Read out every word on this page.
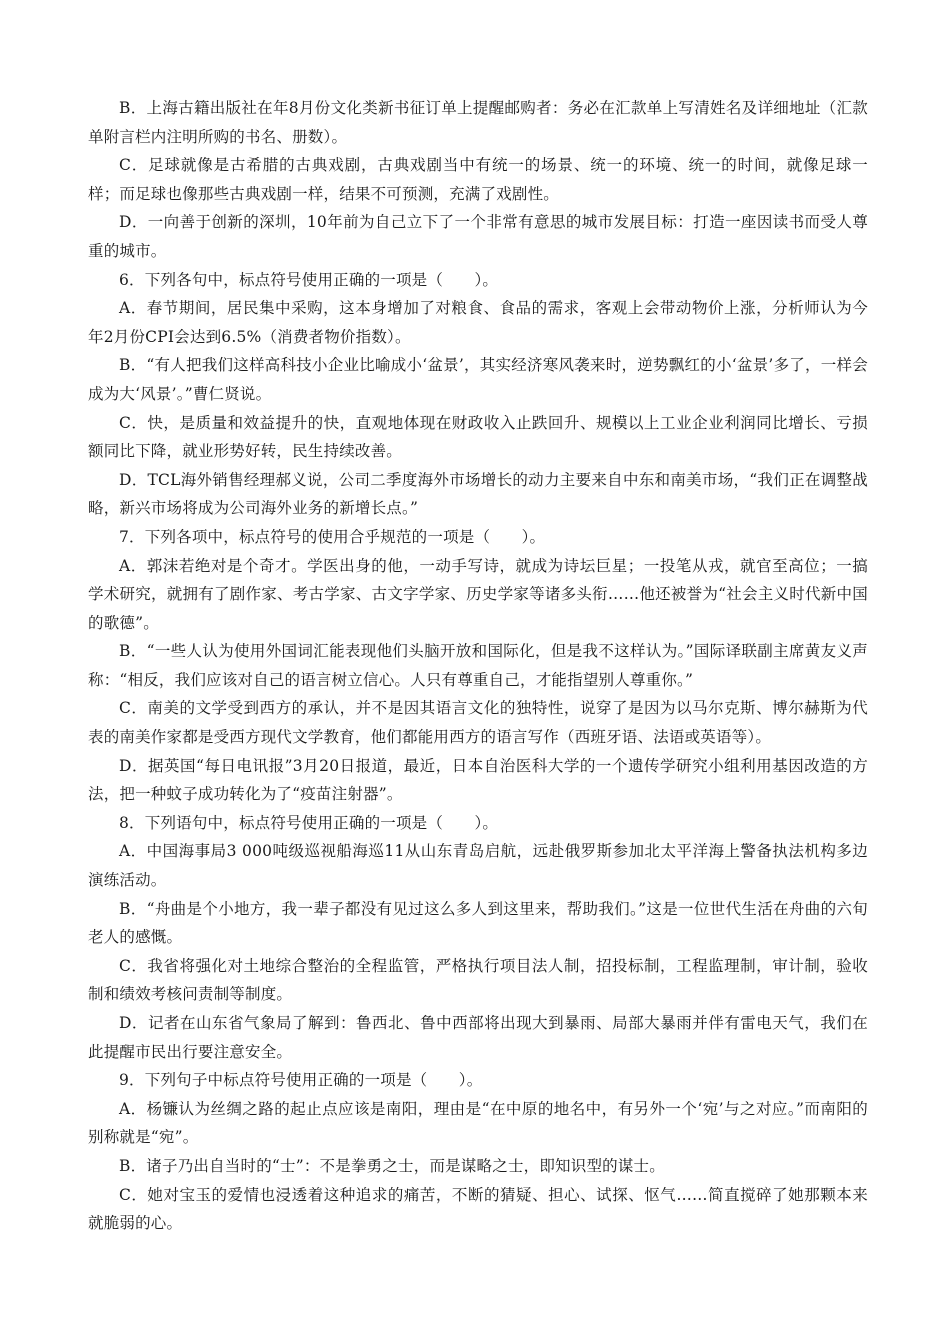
B．上海古籍出版社在年8月份文化类新书征订单上提醒邮购者：务必在汇款单上写清姓名及详细地址（汇款单附言栏内注明所购的书名、册数）。

C．足球就像是古希腊的古典戏剧，古典戏剧当中有统一的场景、统一的环境、统一的时间，就像足球一样；而足球也像那些古典戏剧一样，结果不可预测，充满了戏剧性。

D．一向善于创新的深圳，10年前为自己立下了一个非常有意思的城市发展目标：打造一座因读书而受人尊重的城市。

6．下列各句中，标点符号使用正确的一项是（　　）。

A．春节期间，居民集中采购，这本身增加了对粮食、食品的需求，客观上会带动物价上涨，分析师认为今年2月份CPI会达到6.5%（消费者物价指数）。

B．“有人把我们这样高科技小企业比喻成小‘盆景’，其实经济寒风袭来时，逆势飘红的小‘盆景’多了，一样会成为大‘风景’。”曹仁贤说。

C．快，是质量和效益提升的快，直观地体现在财政收入止跌回升、规模以上工业企业利润同比增长、亏损额同比下降，就业形势好转，民生持续改善。

D．TCL海外销售经理郝义说，公司二季度海外市场增长的动力主要来自中东和南美市场，“我们正在调整战略，新兴市场将成为公司海外业务的新增长点。”

7．下列各项中，标点符号的使用合乎规范的一项是（　　）。

A．郭沫若绝对是个奇才。学医出身的他，一动手写诗，就成为诗坛巨星；一投笔从戎，就官至高位；一搞学术研究，就拥有了剧作家、考古学家、古文字学家、历史学家等诸多头衔……他还被誉为“社会主义时代新中国的歌德”。

B．“一些人认为使用外国词汇能表现他们头脑开放和国际化，但是我不这样认为。”国际译联副主席黄友义声称：“相反，我们应该对自己的语言树立信心。人只有尊重自己，才能指望别人尊重你。”

C．南美的文学受到西方的承认，并不是因其语言文化的独特性，说穿了是因为以马尔克斯、博尔赫斯为代表的南美作家都是受西方现代文学教育，他们都能用西方的语言写作（西班牙语、法语或英语等）。

D．据英国“每日电讯报”3月20日报道，最近，日本自治医科大学的一个遗传学研究小组利用基因改造的方法，把一种蚊子成功转化为了“疫苗注射器”。

8．下列语句中，标点符号使用正确的一项是（　　）。

A．中国海事局3 000吨级巡视船海巡11从山东青岛启航，远赴俄罗斯参加北太平洋海上警备执法机构多边演练活动。

B．“舟曲是个小地方，我一辈子都没有见过这么多人到这里来，帮助我们。”这是一位世代生活在舟曲的六旬老人的感慨。

C．我省将强化对土地综合整治的全程监管，严格执行项目法人制，招投标制，工程监理制，审计制，验收制和绩效考核问责制等制度。

D．记者在山东省气象局了解到：鲁西北、鲁中西部将出现大到暴雨、局部大暴雨并伴有雷电天气，我们在此提醒市民出行要注意安全。

9．下列句子中标点符号使用正确的一项是（　　）。

A．杨镰认为丝绸之路的起止点应该是南阳，理由是“在中原的地名中，有另外一个‘宛’与之对应。”而南阳的别称就是“宛”。

B．诸子乃出自当时的“士”：不是拳勇之士，而是谋略之士，即知识型的谋士。

C．她对宝玉的爱情也浸透着这种追求的痛苦，不断的猜疑、担心、试探、怄气……简直搅碎了她那颗本来就脆弱的心。
